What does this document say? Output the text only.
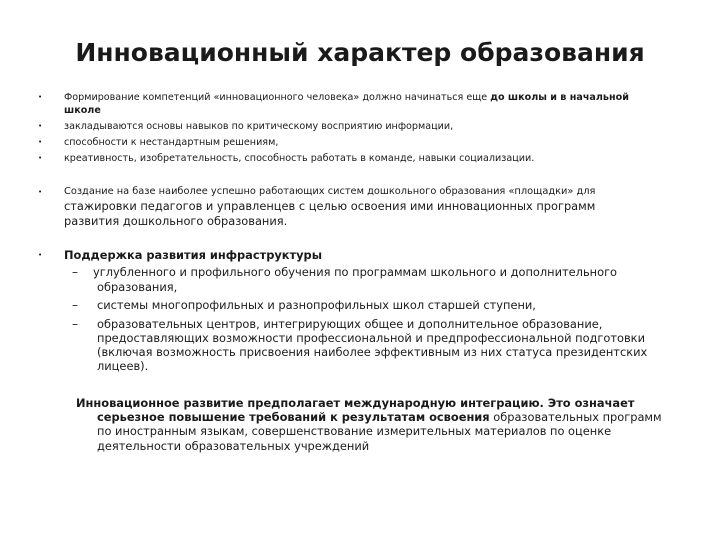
Инновационный характер образования
• Формирование компетенций «инновационного человека» должно начинаться еще до школы и в начальной
школе
• закладываются основы навыков по критическому восприятию информации,
• способности к нестандартным решениям,
• креативность, изобретательность, способность работать в команде, навыки социализации.
• Создание на базе наиболее успешно работающих систем дошкольного образования «площадки» для
стажировки педагогов и управленцев с целью освоения ими инновационных программ
развития дошкольного образования.
• Поддержка развития инфраструктуры
– углубленного и профильного обучения по программам школьного и дополнительного
образования,
– системы многопрофильных и разнопрофильных школ старшей ступени,
– образовательных центров, интегрирующих общее и дополнительное образование,
предоставляющих возможности профессиональной и предпрофессиональной подготовки
(включая возможность присвоения наиболее эффективным из них статуса президентских
лицеев).
Инновационное развитие предполагает международную интеграцию. Это означает
серьезное повышение требований к результатам освоения образовательных программ
по иностранным языкам, совершенствование измерительных материалов по оценке
деятельности образовательных учреждений
